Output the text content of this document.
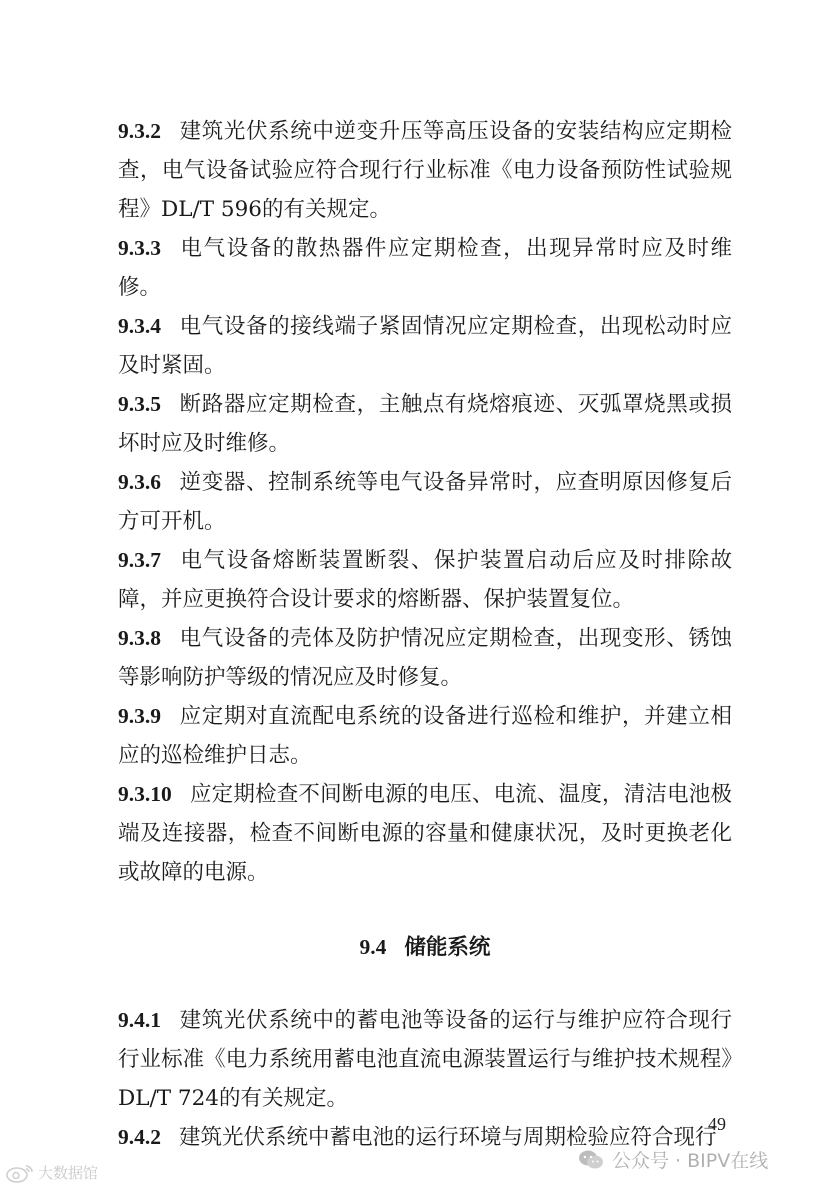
9.3.2 建筑光伏系统中逆变升压等高压设备的安装结构应定期检查，电气设备试验应符合现行行业标准《电力设备预防性试验规程》DL/T 596的有关规定。

9.3.3 电气设备的散热器件应定期检查，出现异常时应及时维修。

9.3.4 电气设备的接线端子紧固情况应定期检查，出现松动时应及时紧固。

9.3.5 断路器应定期检查，主触点有烧熔痕迹、灭弧罩烧黑或损坏时应及时维修。

9.3.6 逆变器、控制系统等电气设备异常时，应查明原因修复后方可开机。

9.3.7 电气设备熔断装置断裂、保护装置启动后应及时排除故障，并应更换符合设计要求的熔断器、保护装置复位。

9.3.8 电气设备的壳体及防护情况应定期检查，出现变形、锈蚀等影响防护等级的情况应及时修复。

9.3.9 应定期对直流配电系统的设备进行巡检和维护，并建立相应的巡检维护日志。

9.3.10 应定期检查不间断电源的电压、电流、温度，清洁电池极端及连接器，检查不间断电源的容量和健康状况，及时更换老化或故障的电源。

9.4 储能系统

9.4.1 建筑光伏系统中的蓄电池等设备的运行与维护应符合现行行业标准《电力系统用蓄电池直流电源装置运行与维护技术规程》DL/T 724的有关规定。

9.4.2 建筑光伏系统中蓄电池的运行环境与周期检验应符合现行

49
公众号 · BIPV在线
大数据馆
